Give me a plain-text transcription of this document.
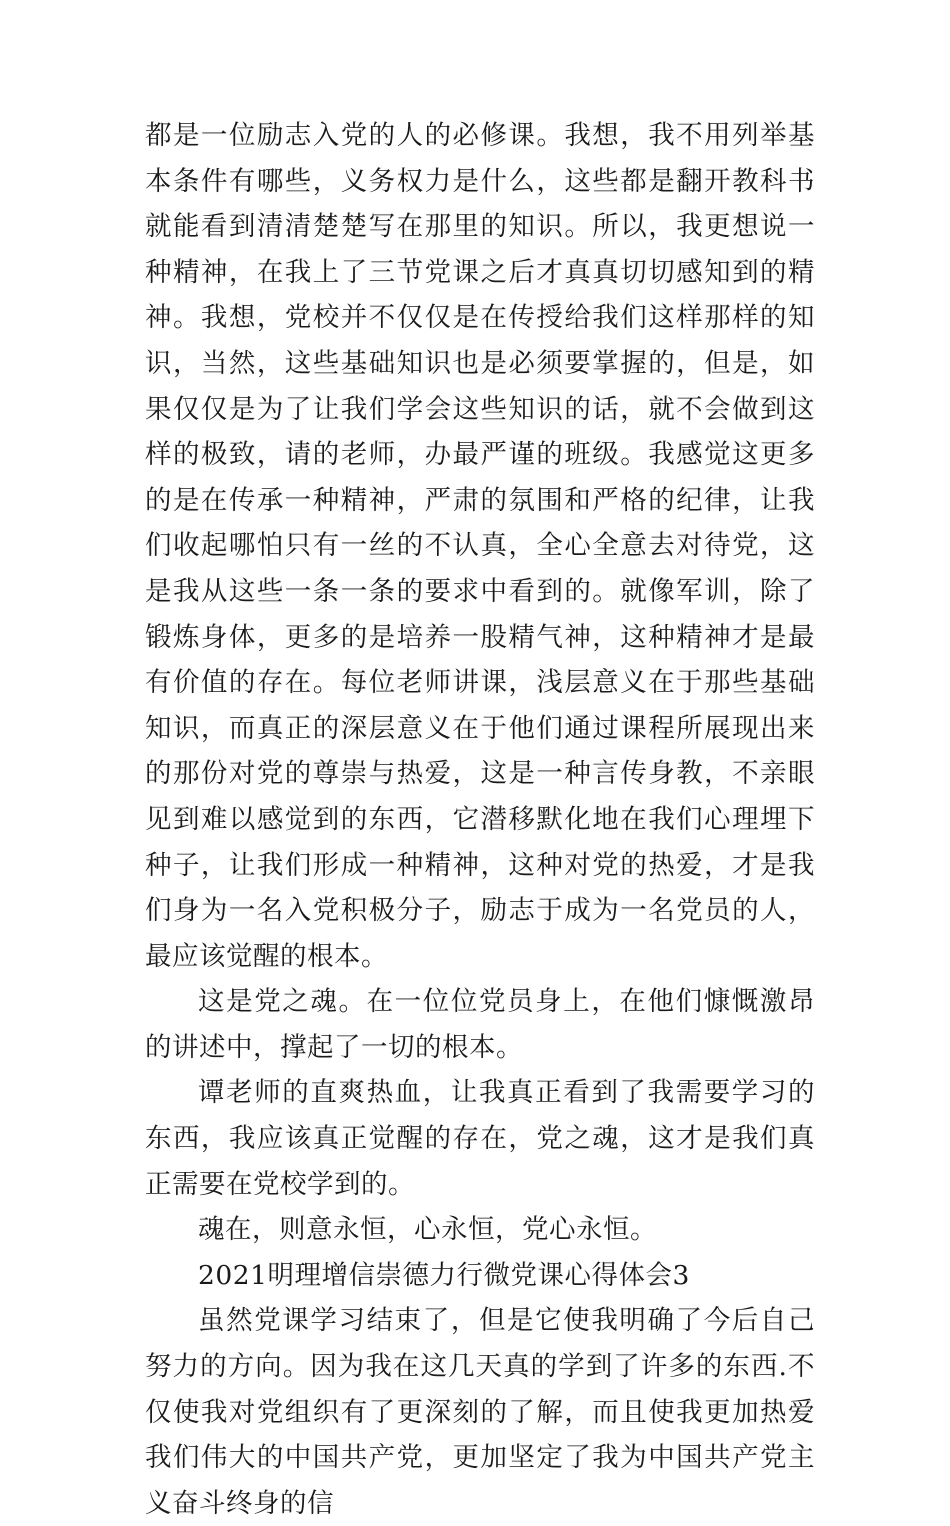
都是一位励志入党的人的必修课。我想，我不用列举基本条件有哪些，义务权力是什么，这些都是翻开教科书就能看到清清楚楚写在那里的知识。所以，我更想说一种精神，在我上了三节党课之后才真真切切感知到的精神。我想，党校并不仅仅是在传授给我们这样那样的知识，当然，这些基础知识也是必须要掌握的，但是，如果仅仅是为了让我们学会这些知识的话，就不会做到这样的极致，请的老师，办最严谨的班级。我感觉这更多的是在传承一种精神，严肃的氛围和严格的纪律，让我们收起哪怕只有一丝的不认真，全心全意去对待党，这是我从这些一条一条的要求中看到的。就像军训，除了锻炼身体，更多的是培养一股精气神，这种精神才是最有价值的存在。每位老师讲课，浅层意义在于那些基础知识，而真正的深层意义在于他们通过课程所展现出来的那份对党的尊崇与热爱，这是一种言传身教，不亲眼见到难以感觉到的东西，它潜移默化地在我们心理埋下种子，让我们形成一种精神，这种对党的热爱，才是我们身为一名入党积极分子，励志于成为一名党员的人，最应该觉醒的根本。

这是党之魂。在一位位党员身上，在他们慷慨激昂的讲述中，撑起了一切的根本。

谭老师的直爽热血，让我真正看到了我需要学习的东西，我应该真正觉醒的存在，党之魂，这才是我们真正需要在党校学到的。

魂在，则意永恒，心永恒，党心永恒。

2021明理增信崇德力行微党课心得体会3

虽然党课学习结束了，但是它使我明确了今后自己努力的方向。因为我在这几天真的学到了许多的东西.不仅使我对党组织有了更深刻的了解，而且使我更加热爱我们伟大的中国共产党，更加坚定了我为中国共产党主义奋斗终身的信
